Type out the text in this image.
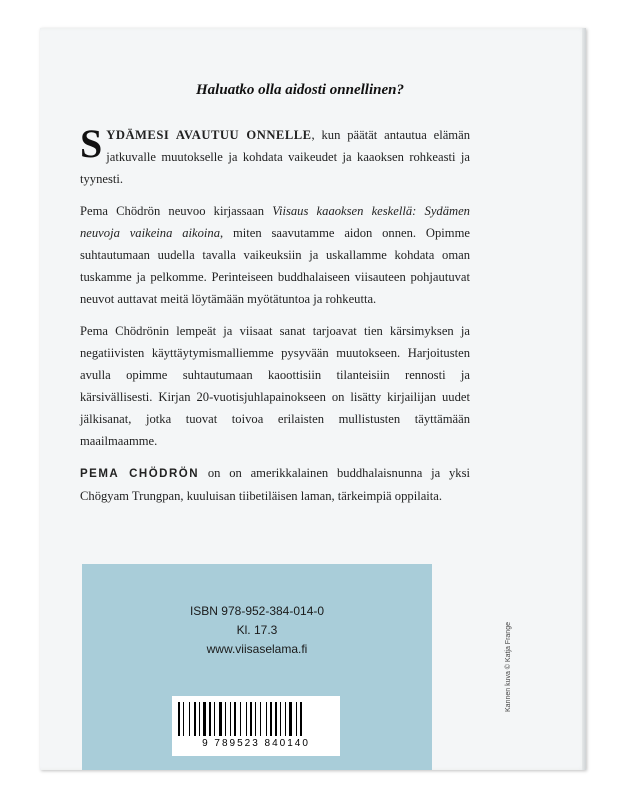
Haluatko olla aidosti onnellinen?

SYDÄMESI AVAUTUU ONNELLE, kun päätät antautua elämän jatkuvalle muutokselle ja kohdata vaikeudet ja kaaoksen rohkeasti ja tyynesti.

Pema Chödrön neuvoo kirjassaan Viisaus kaaoksen keskellä: Sydämen neuvoja vaikeina aikoina, miten saavutamme aidon onnen. Opimme suhtautumaan uudella tavalla vaikeuksiin ja uskallamme kohdata oman tuskamme ja pelkomme. Perinteiseen buddhalaiseen viisauteen pohjautuvat neuvot auttavat meitä löytämään myötätuntoa ja rohkeutta.

Pema Chödrönin lempeät ja viisaat sanat tarjoavat tien kärsimyksen ja negatiivisten käyttäytymismalliemme pysyvään muutokseen. Harjoitusten avulla opimme suhtautumaan kaoottisiin tilanteisiin rennosti ja kärsivällisesti. Kirjan 20-vuotisjuhlapainokseen on lisätty kirjailijan uudet jälkisanat, jotka tuovat toivoa erilaisten mullistusten täyttämään maailmaamme.

PEMA CHÖDRÖN on on amerikkalainen buddhalaisnunna ja yksi Chögyam Trungpan, kuuluisan tiibetiläisen laman, tärkeimpiä oppilaita.

ISBN 978-952-384-014-0
Kl. 17.3
www.viisaselama.fi
9 789523 840140
Kannen kuva © Katja Frange
